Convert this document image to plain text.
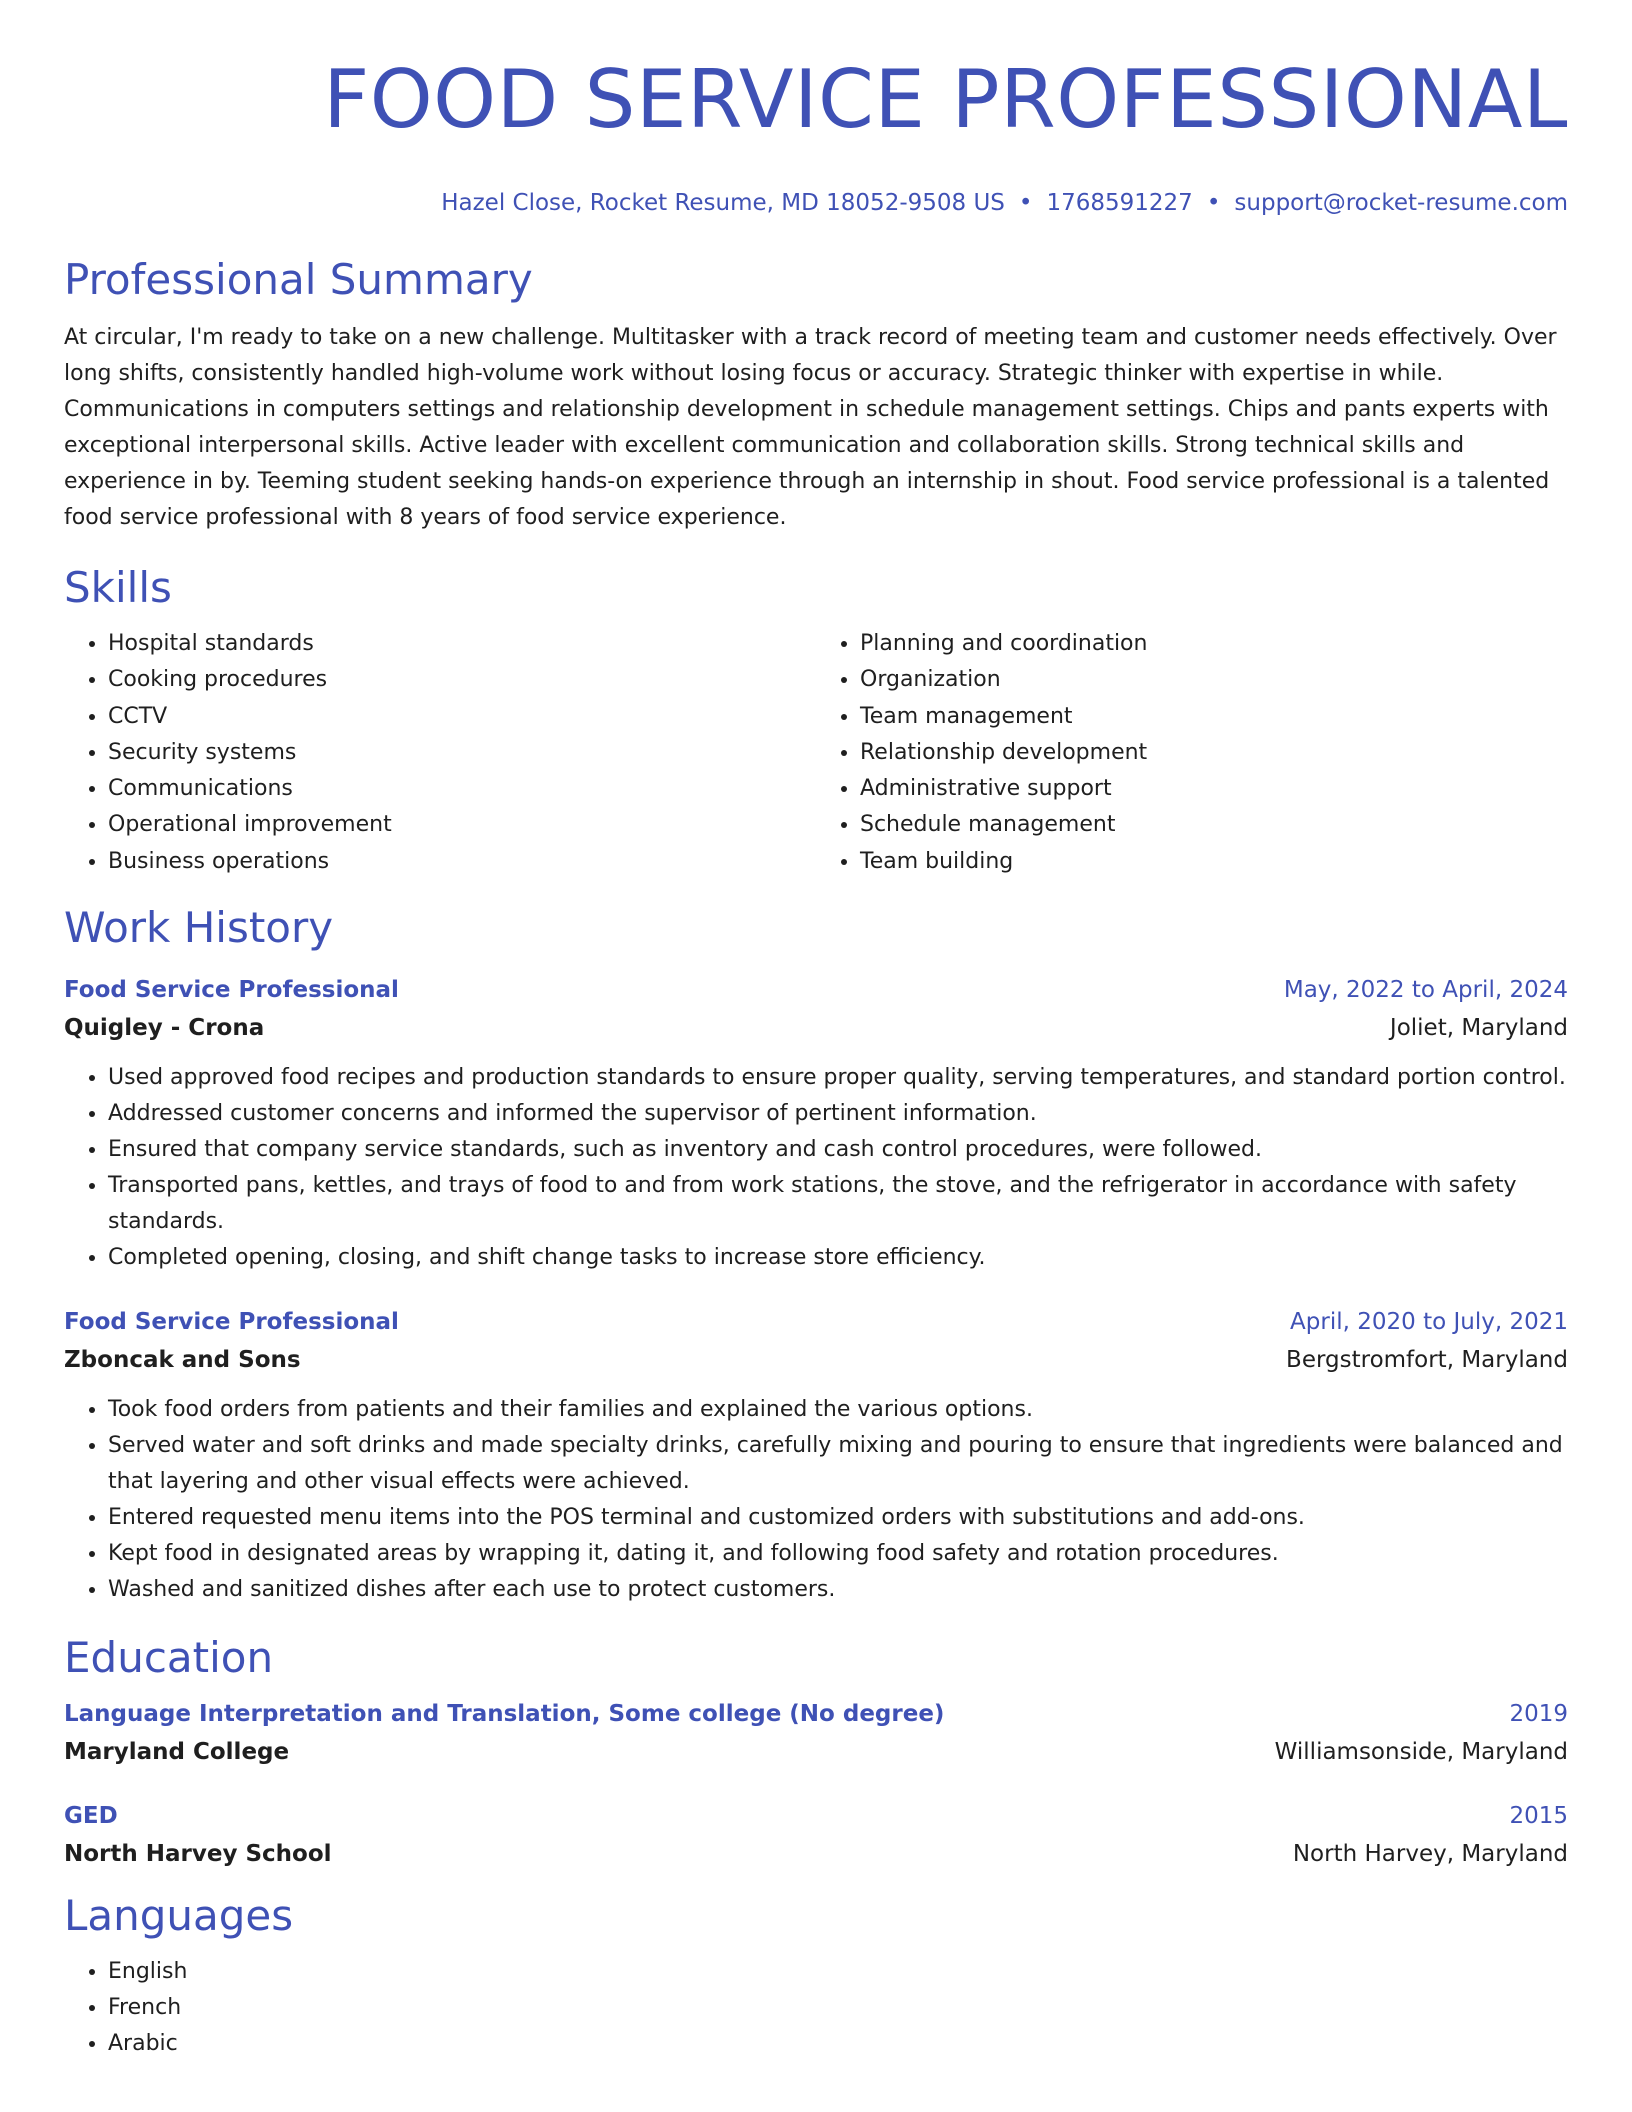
FOOD SERVICE PROFESSIONAL
Hazel Close, Rocket Resume, MD 18052-9508 US • 1768591227 • support@rocket-resume.com
Professional Summary

At circular, I'm ready to take on a new challenge. Multitasker with a track record of meeting team and customer needs effectively. Over long shifts, consistently handled high-volume work without losing focus or accuracy. Strategic thinker with expertise in while. Communications in computers settings and relationship development in schedule management settings. Chips and pants experts with exceptional interpersonal skills. Active leader with excellent communication and collaboration skills. Strong technical skills and experience in by. Teeming student seeking hands-on experience through an internship in shout. Food service professional is a talented food service professional with 8 years of food service experience.

Skills
• Hospital standards
• Cooking procedures
• CCTV
• Security systems
• Communications
• Operational improvement
• Business operations
• Planning and coordination
• Organization
• Team management
• Relationship development
• Administrative support
• Schedule management
• Team building
Work History
Food Service Professional	May, 2022 to April, 2024
Quigley - Crona	Joliet, Maryland
• Used approved food recipes and production standards to ensure proper quality, serving temperatures, and standard portion control.
• Addressed customer concerns and informed the supervisor of pertinent information.
• Ensured that company service standards, such as inventory and cash control procedures, were followed.
• Transported pans, kettles, and trays of food to and from work stations, the stove, and the refrigerator in accordance with safety standards.
• Completed opening, closing, and shift change tasks to increase store efficiency.
Food Service Professional	April, 2020 to July, 2021
Zboncak and Sons	Bergstromfort, Maryland
• Took food orders from patients and their families and explained the various options.
• Served water and soft drinks and made specialty drinks, carefully mixing and pouring to ensure that ingredients were balanced and that layering and other visual effects were achieved.
• Entered requested menu items into the POS terminal and customized orders with substitutions and add-ons.
• Kept food in designated areas by wrapping it, dating it, and following food safety and rotation procedures.
• Washed and sanitized dishes after each use to protect customers.
Education
Language Interpretation and Translation, Some college (No degree)	2019
Maryland College	Williamsonside, Maryland
GED	2015
North Harvey School	North Harvey, Maryland
Languages
• English
• French
• Arabic
